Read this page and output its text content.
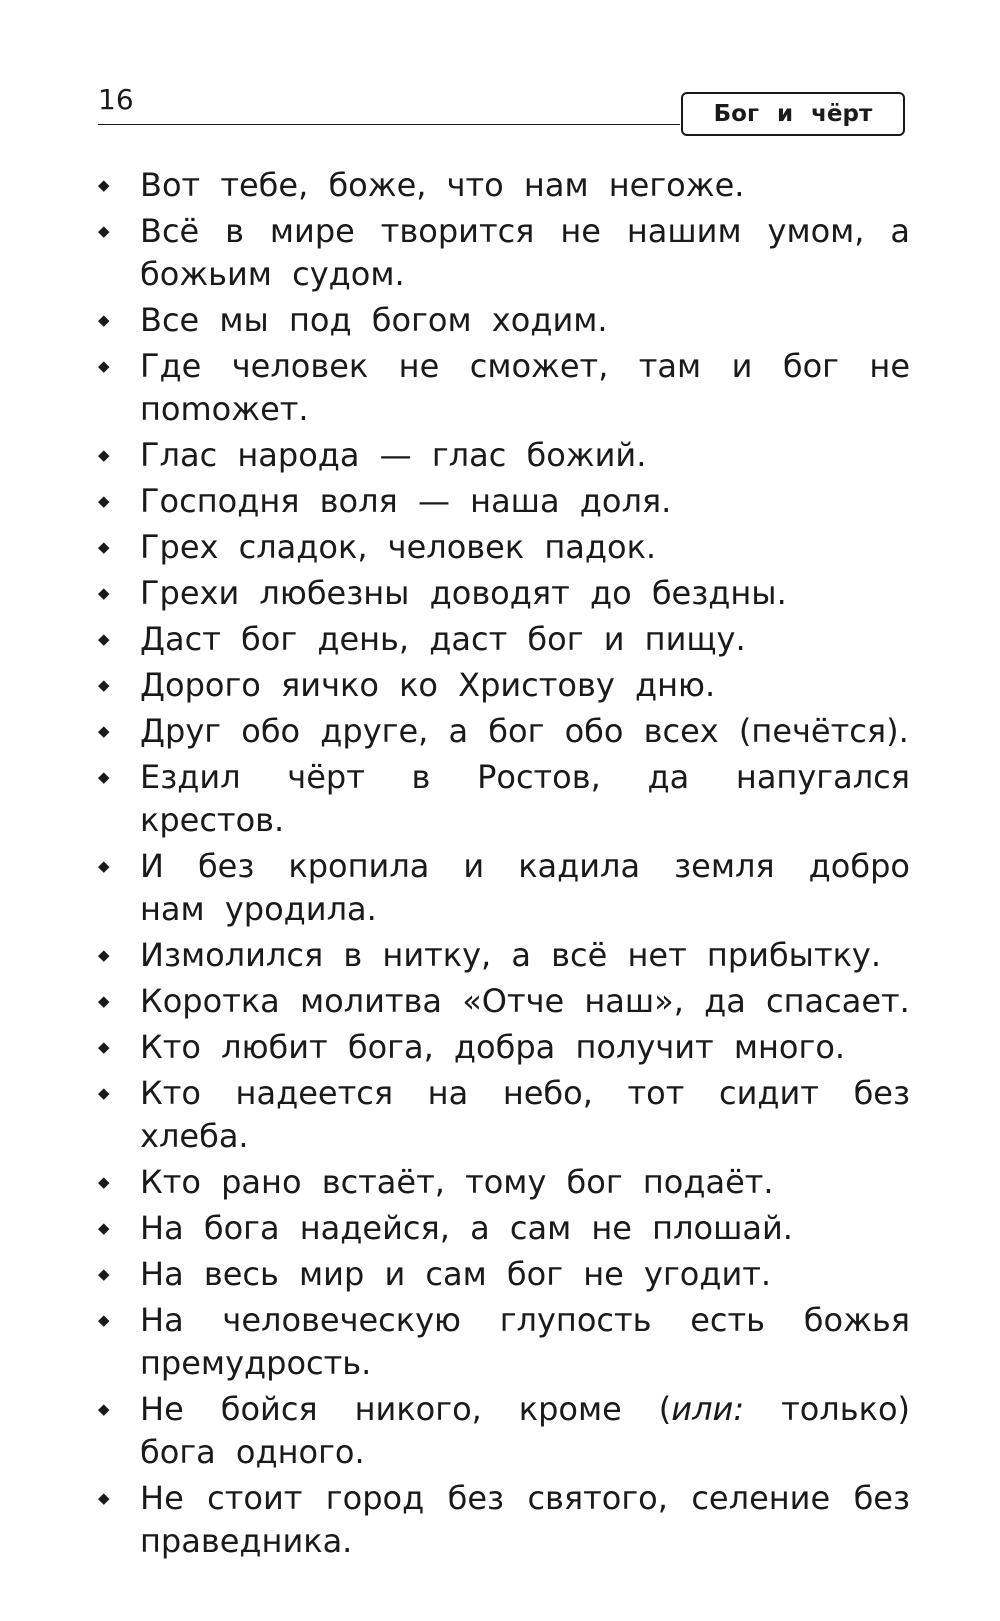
16	Бог и чёрт
◆ Вот тебе, боже, что нам негоже.
◆ Всё в мире творится не нашим умом, а божьим судом.
◆ Все мы под богом ходим.
◆ Где человек не сможет, там и бог не поmожет.
◆ Глас народа — глас божий.
◆ Господня воля — наша доля.
◆ Грех сладок, человек падок.
◆ Грехи любезны доводят до бездны.
◆ Даст бог день, даст бог и пищу.
◆ Дорого яичко ко Христову дню.
◆ Друг обо друге, а бог обо всех (печётся).
◆ Ездил чёрт в Ростов, да напугался крестов.
◆ И без кропила и кадила земля добро нам уродила.
◆ Измолился в нитку, а всё нет прибытку.
◆ Коротка молитва «Отче наш», да спасает.
◆ Кто любит бога, добра получит много.
◆ Кто надеется на небо, тот сидит без хлеба.
◆ Кто рано встаёт, тому бог подаёт.
◆ На бога надейся, а сам не плошай.
◆ На весь мир и сам бог не угодит.
◆ На человеческую глупость есть божья премудрость.
◆ Не бойся никого, кроме (или: только) бога одного.
◆ Не стоит город без святого, селение без праведника.
